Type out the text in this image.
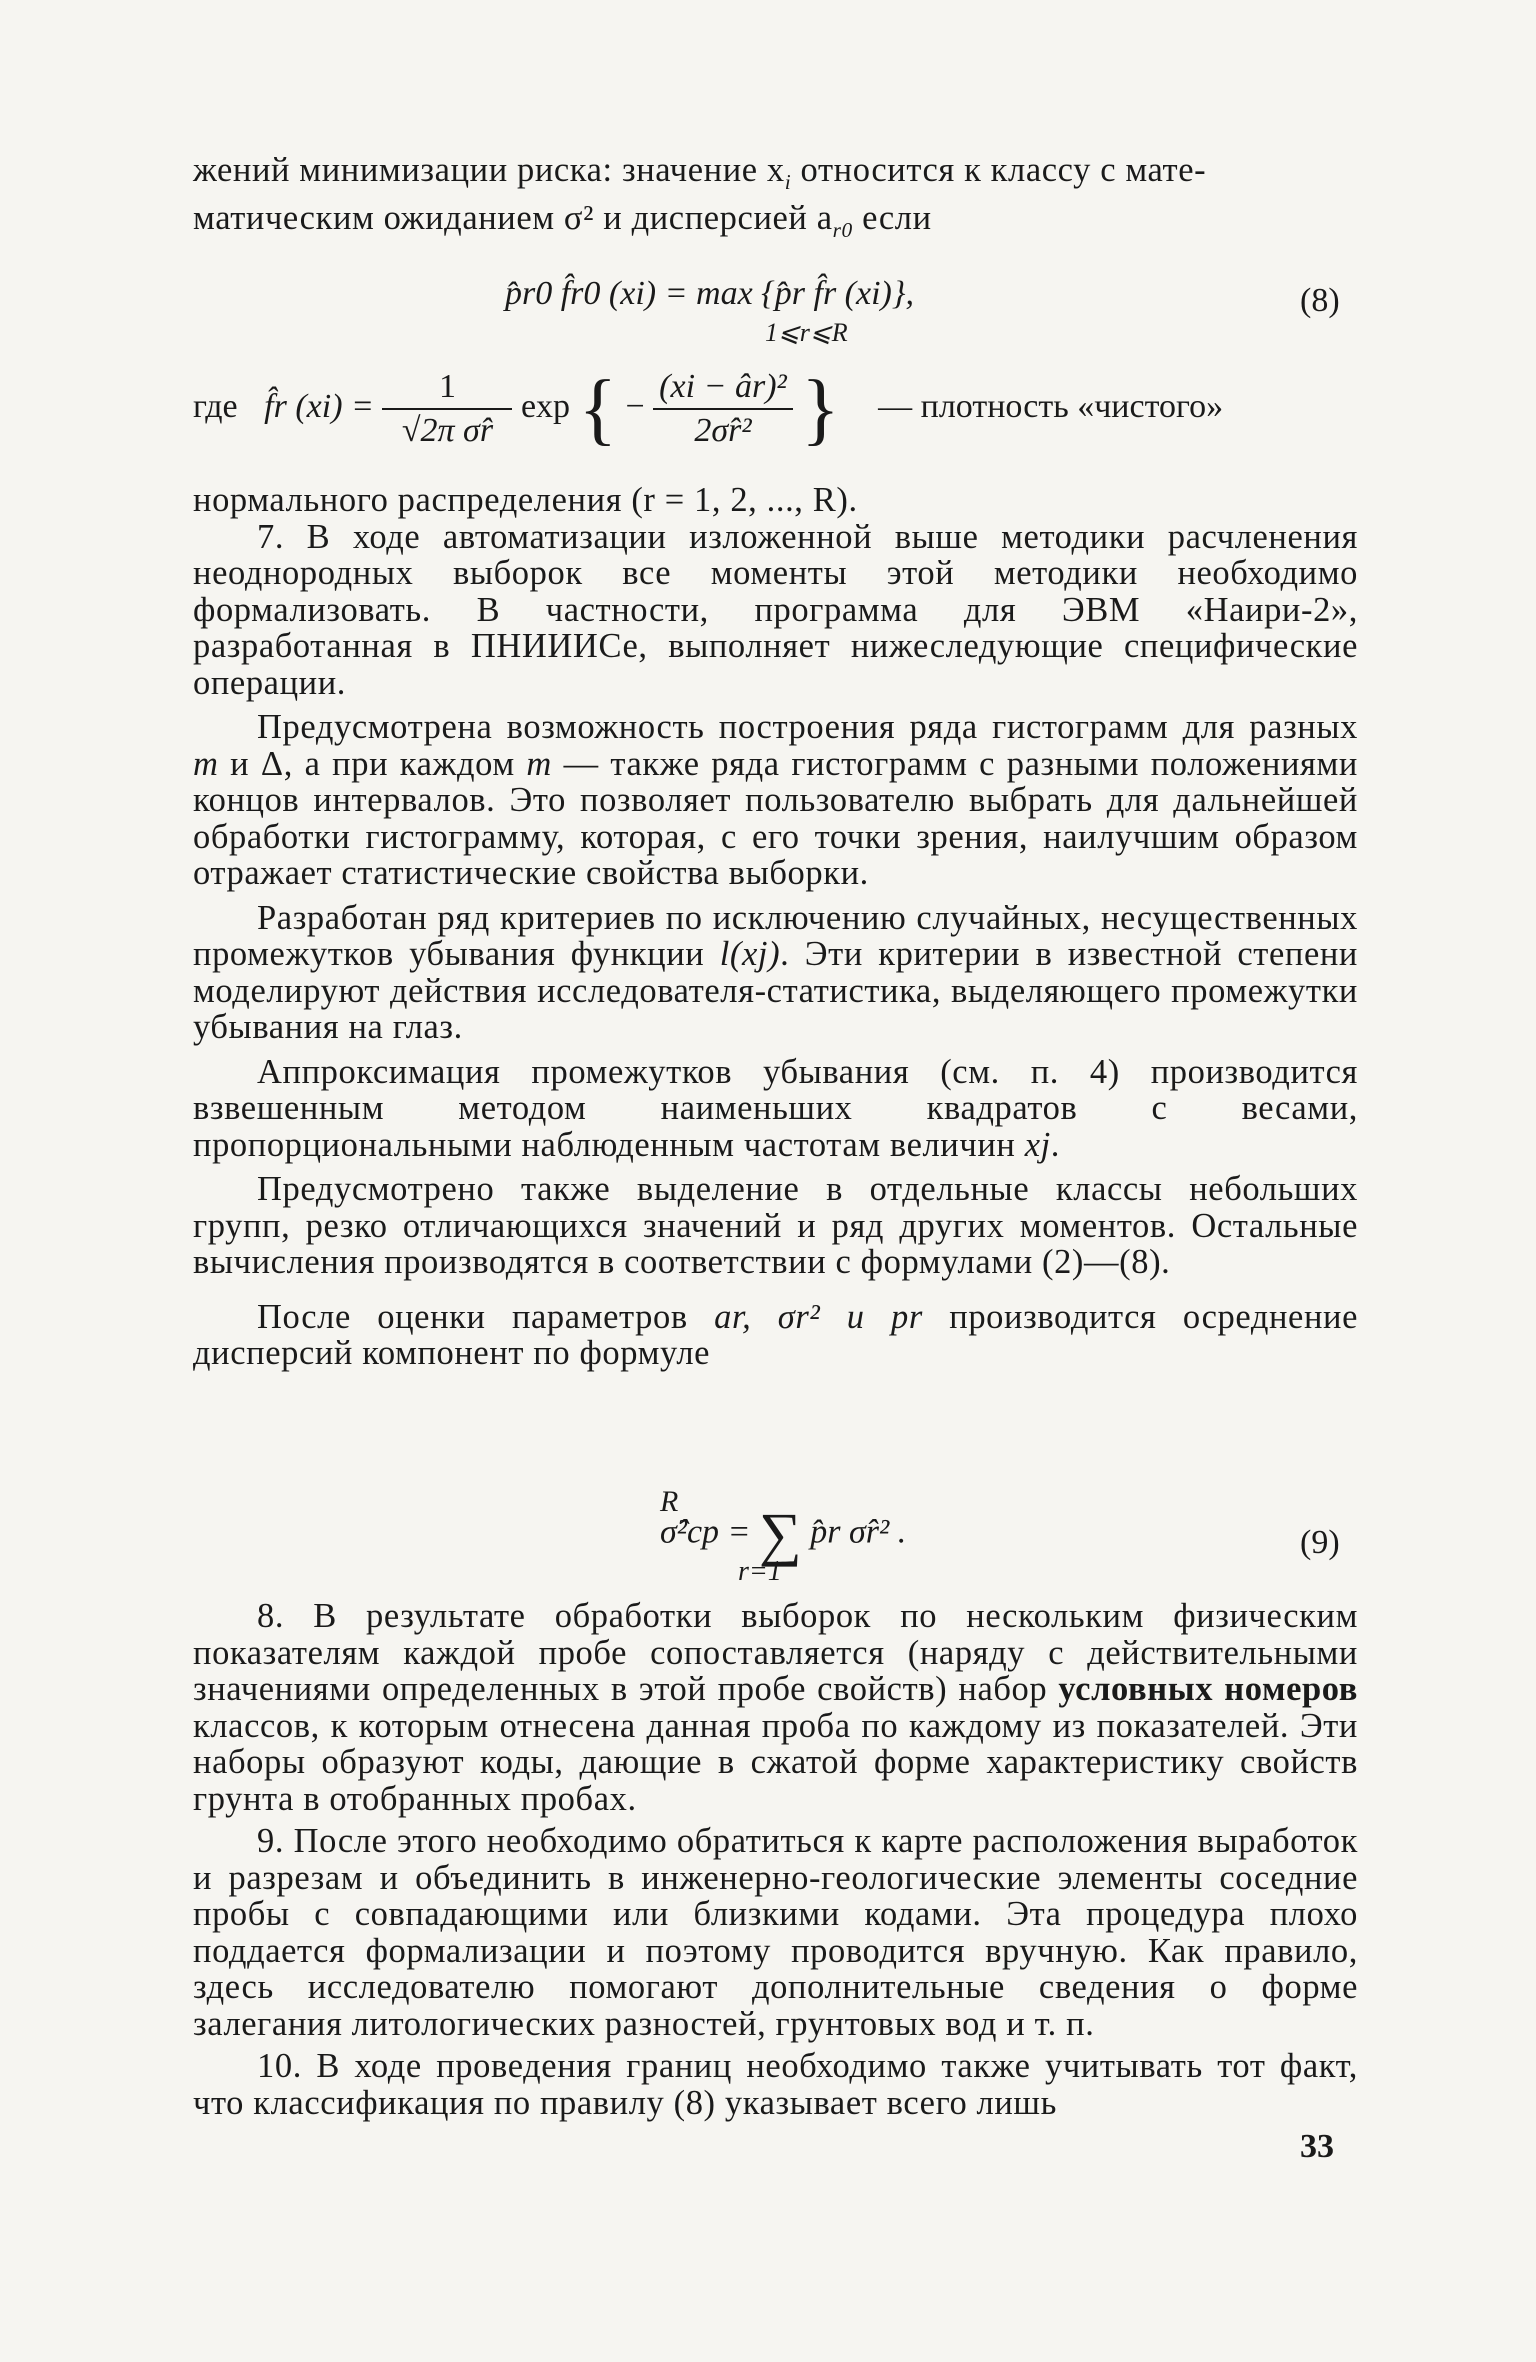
жений минимизации риска: значение $x_i$ относится к классу с мате-

матическим ожиданием σ² и дисперсией $a_{r0}$ если

p̂r0 f̂r0 (xi) = max {p̂r f̂r (xi)},
1⩽r⩽R
(8)
где f̂r $(xi) = \frac{1}{\text{√2π σ̂r}}$ exp { − $\frac{\text{(xi − âr)²}}{\text{2σ̂r²}}$ } — плотность «чистого»

нормального распределения (r = 1, 2, ..., R).

7. В ходе автоматизации изложенной выше методики расчленения неоднородных выборок все моменты этой методики необходимо формализовать. В частности, программа для ЭВМ «Наири-2», разработанная в ПНИИИСе, выполняет нижеследующие специфические операции.

Предусмотрена возможность построения ряда гистограмм для разных m и Δ, а при каждом m — также ряда гистограмм с разными положениями концов интервалов. Это позволяет пользователю выбрать для дальнейшей обработки гистограмму, которая, с его точки зрения, наилучшим образом отражает статистические свойства выборки.

Разработан ряд критериев по исключению случайных, несущественных промежутков убывания функции l(xj). Эти критерии в известной степени моделируют действия исследователя-статистика, выделяющего промежутки убывания на глаз.

Аппроксимация промежутков убывания (см. п. 4) производится взвешенным методом наименьших квадратов с весами, пропорциональными наблюденным частотам величин xj.

Предусмотрено также выделение в отдельные классы небольших групп, резко отличающихся значений и ряд других моментов. Остальные вычисления производятся в соответствии с формулами (2)—(8).

После оценки параметров ar, σr² и pr производится осреднение дисперсий компонент по формуле

R
σ̂²ср = ∑ p̂r σ̂r² .
r=1
(9)

8. В результате обработки выборок по нескольким физическим показателям каждой пробе сопоставляется (наряду с действительными значениями определенных в этой пробе свойств) набор условных номеров классов, к которым отнесена данная проба по каждому из показателей. Эти наборы образуют коды, дающие в сжатой форме характеристику свойств грунта в отобранных пробах.

9. После этого необходимо обратиться к карте расположения выработок и разрезам и объединить в инженерно-геологические элементы соседние пробы с совпадающими или близкими кодами. Эта процедура плохо поддается формализации и поэтому проводится вручную. Как правило, здесь исследователю помогают дополнительные сведения о форме залегания литологических разностей, грунтовых вод и т. п.

10. В ходе проведения границ необходимо также учитывать тот факт, что классификация по правилу (8) указывает всего лишь

33
